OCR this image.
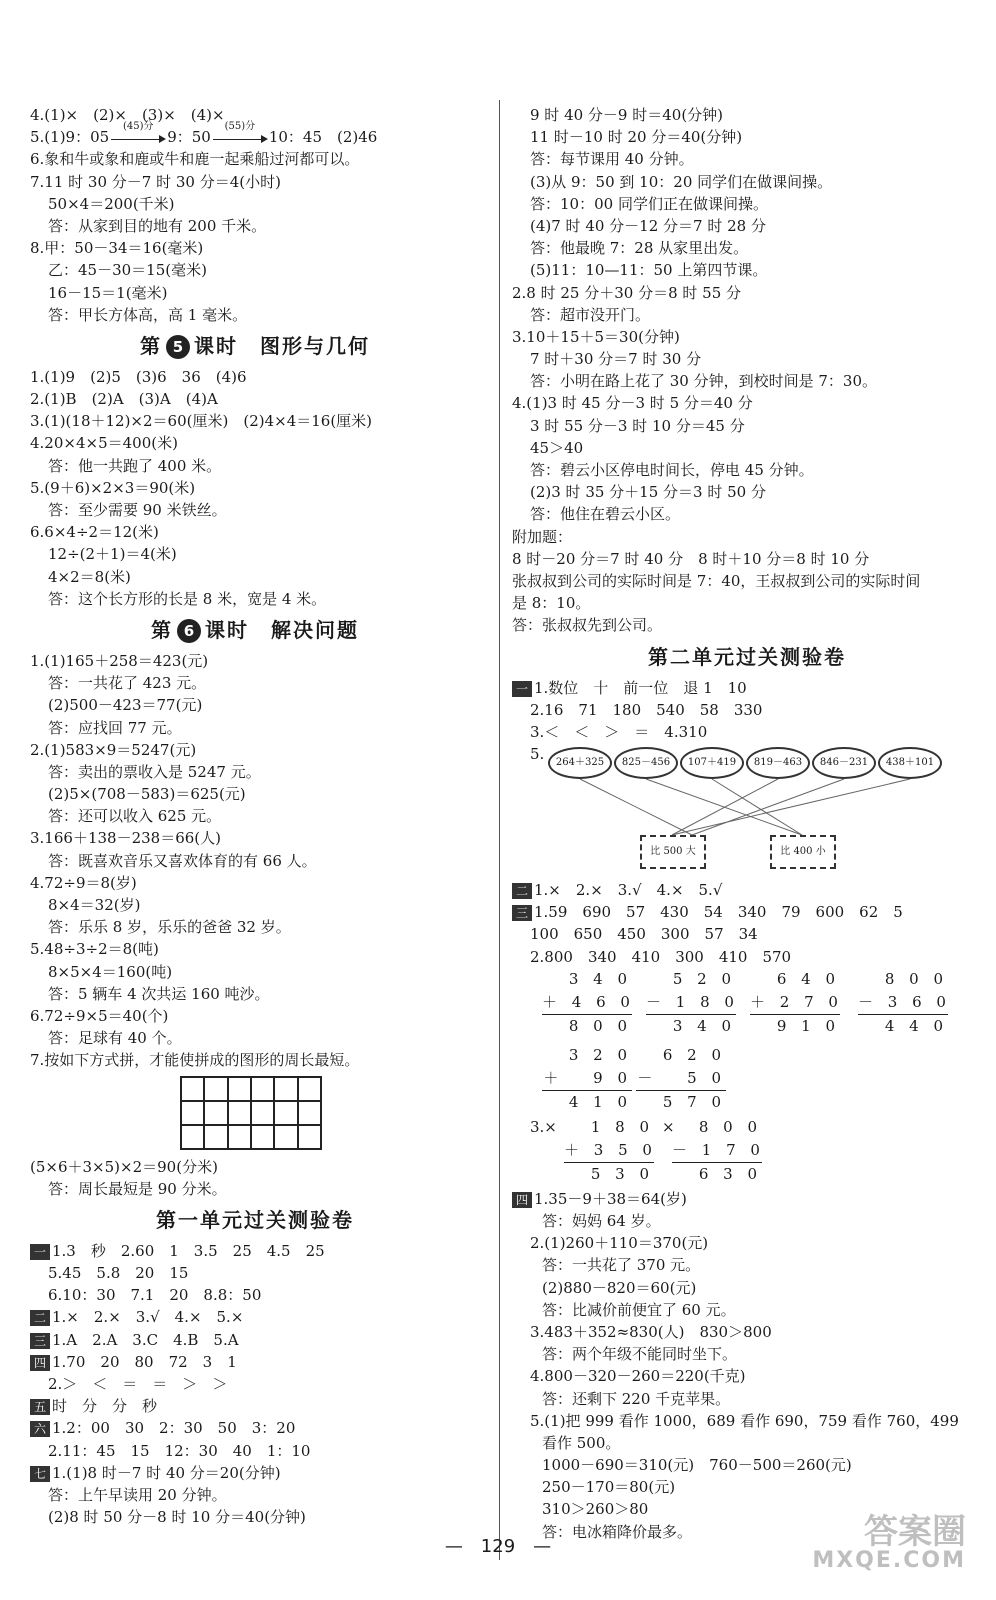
4.(1)×　(2)×　(3)×　(4)×
5.(1)9：05
(45)分
9：50
(55)分
10：45　(2)46
6.象和牛或象和鹿或牛和鹿一起乘船过河都可以。
7.11 时 30 分－7 时 30 分＝4(小时)
50×4＝200(千米)
答：从家到目的地有 200 千米。
8.甲：50－34＝16(毫米)
乙：45－30＝15(毫米)
16－15＝1(毫米)
答：甲长方体高，高 1 毫米。
第 5 课时　图形与几何
1.(1)9　(2)5　(3)6　36　(4)6
2.(1)B　(2)A　(3)A　(4)A
3.(1)(18＋12)×2＝60(厘米)　(2)4×4＝16(厘米)
4.20×4×5＝400(米)
答：他一共跑了 400 米。
5.(9＋6)×2×3＝90(米)
答：至少需要 90 米铁丝。
6.6×4÷2＝12(米)
12÷(2＋1)＝4(米)
4×2＝8(米)
答：这个长方形的长是 8 米，宽是 4 米。
第 6 课时　解决问题
1.(1)165＋258＝423(元)
答：一共花了 423 元。
(2)500－423＝77(元)
答：应找回 77 元。
2.(1)583×9＝5247(元)
答：卖出的票收入是 5247 元。
(2)5×(708－583)＝625(元)
答：还可以收入 625 元。
3.166＋138－238＝66(人)
答：既喜欢音乐又喜欢体育的有 66 人。
4.72÷9＝8(岁)
8×4＝32(岁)
答：乐乐 8 岁，乐乐的爸爸 32 岁。
5.48÷3÷2＝8(吨)
8×5×4＝160(吨)
答：5 辆车 4 次共运 160 吨沙。
6.72÷9×5＝40(个)
答：足球有 40 个。
7.按如下方式拼，才能使拼成的图形的周长最短。
(5×6＋3×5)×2＝90(分米)
答：周长最短是 90 分米。
第一单元过关测验卷
一 1.3　秒　2.60　1　3.5　25　4.5　25
5.45　5.8　20　15
6.10：30　7.1　20　8.8：50
二 1.×　2.×　3.√　4.×　5.×
三 1.A　2.A　3.C　4.B　5.A
四 1.70　20　80　72　3　1
2.＞　＜　＝　＝　＞　＞
五 时　分　分　秒
六 1.2：00　30　2：30　50　3：20
2.11：45　15　12：30　40　1：10
七 1.(1)8 时－7 时 40 分＝20(分钟)
答：上午早读用 20 分钟。
(2)8 时 50 分－8 时 10 分＝40(分钟)
9 时 40 分－9 时＝40(分钟)
11 时－10 时 20 分＝40(分钟)
答：每节课用 40 分钟。
(3)从 9：50 到 10：20 同学们在做课间操。
答：10：00 同学们正在做课间操。
(4)7 时 40 分－12 分＝7 时 28 分
答：他最晚 7：28 从家里出发。
(5)11：10—11：50 上第四节课。
2.8 时 25 分＋30 分＝8 时 55 分
答：超市没开门。
3.10＋15＋5＝30(分钟)
7 时＋30 分＝7 时 30 分
答：小明在路上花了 30 分钟，到校时间是 7：30。
4.(1)3 时 45 分－3 时 5 分＝40 分
3 时 55 分－3 时 10 分＝45 分
45＞40
答：碧云小区停电时间长，停电 45 分钟。
(2)3 时 35 分＋15 分＝3 时 50 分
答：他住在碧云小区。
附加题：
8 时－20 分＝7 时 40 分　8 时＋10 分＝8 时 10 分
张叔叔到公司的实际时间是 7：40，王叔叔到公司的实际时间
是 8：10。
答：张叔叔先到公司。
第二单元过关测验卷
一 1.数位　十　前一位　退 1　10
2.16　71　180　540　58　330
3.＜　＜　＞　＝　4.310
5.	264＋325	825－456	107＋419	819－463	846－231	438＋101
比 500 大	比 400 小
二 1.×　2.×　3.√　4.×　5.√
三 1.59　690　57　430　54　340　79　600　62　5
100　650　450　300　57　34
2.800　340　410　300　410　570
3 4 0
＋ 4 6 0
8 0 0
5 2 0
－ 1 8 0
3 4 0
6 4 0
＋ 2 7 0
9 1 0
8 0 0
－ 3 6 0
4 4 0
3 2 0
＋ 　9 0
4 1 0
6 2 0
－ 　5 0
5 7 0
3.×	1 8 0
＋ 3 5 0
5 3 0
×	8 0 0
－ 1 7 0
6 3 0
四 1.35－9＋38＝64(岁)
答：妈妈 64 岁。
2.(1)260＋110＝370(元)
答：一共花了 370 元。
(2)880－820＝60(元)
答：比减价前便宜了 60 元。
3.483＋352≈830(人)　830＞800
答：两个年级不能同时坐下。
4.800－320－260＝220(千克)
答：还剩下 220 千克苹果。
5.(1)把 999 看作 1000，689 看作 690，759 看作 760，499
看作 500。
1000－690＝310(元)　760－500＝260(元)
250－170＝80(元)
310＞260＞80
答：电冰箱降价最多。	答案圈
MXQE.COM
—　129　—
